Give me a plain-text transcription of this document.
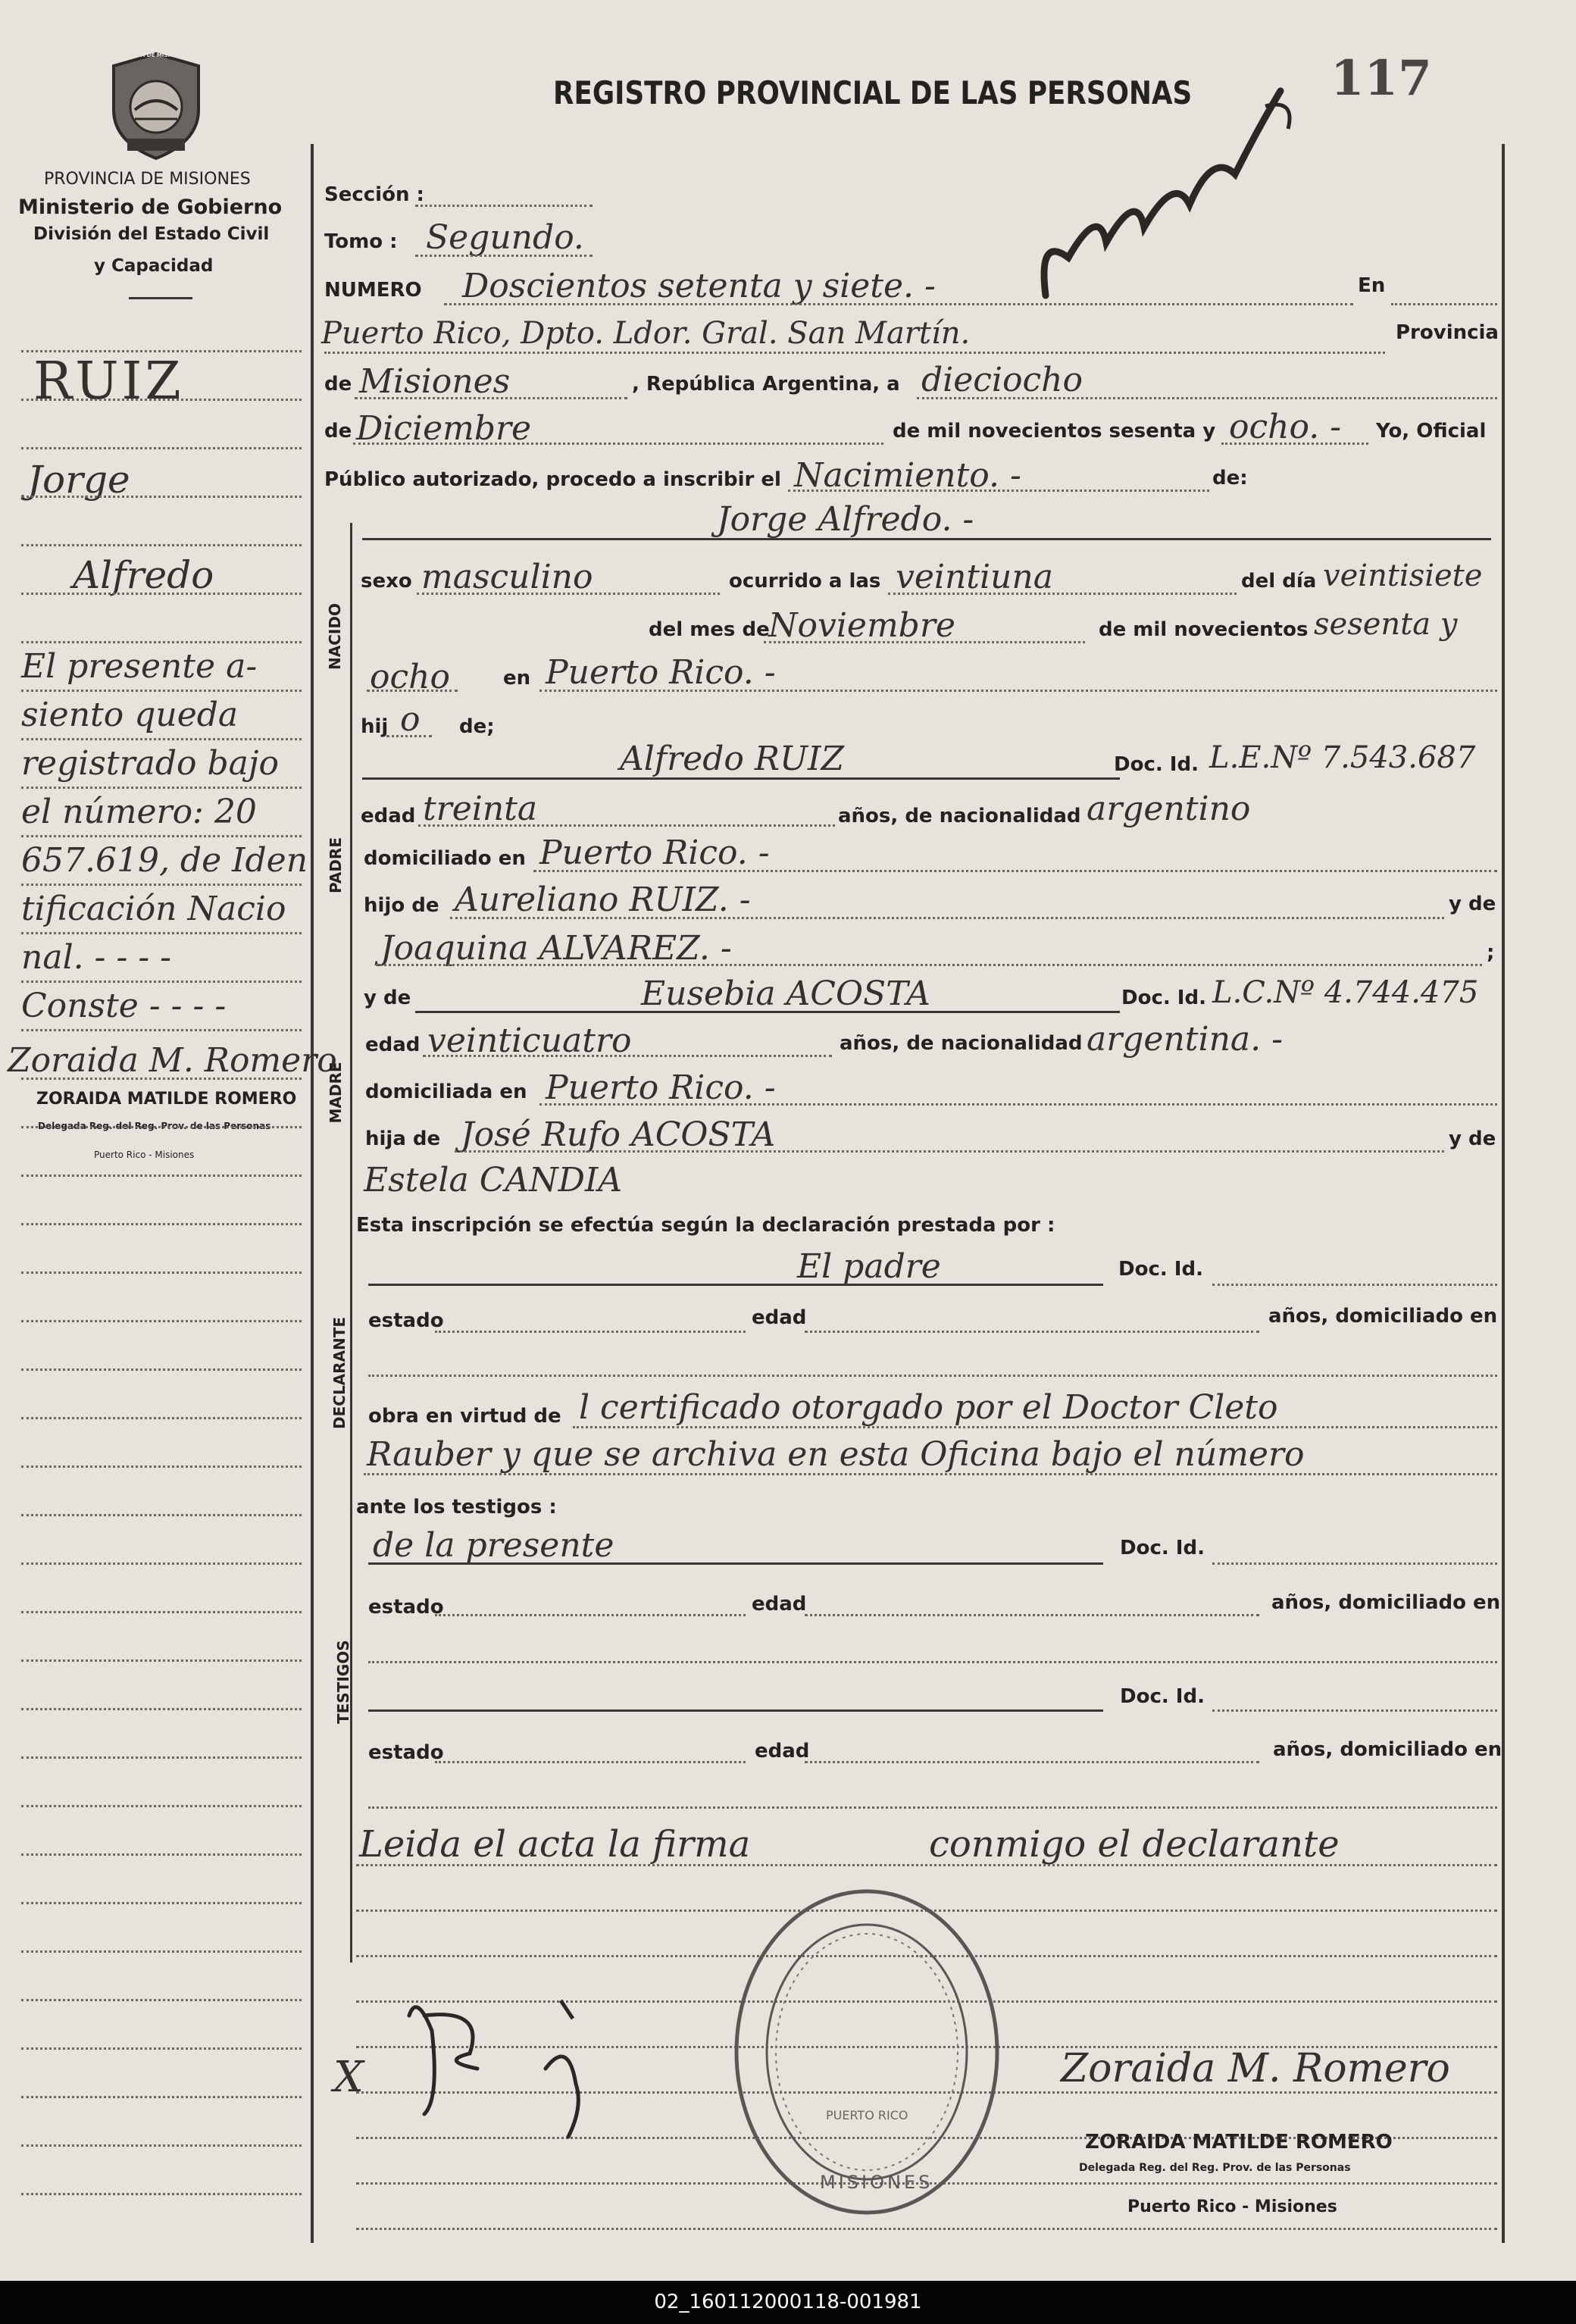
PROVINCIA DE MISIONES
PROVINCIA DE MISIONES
Ministerio de Gobierno
División del Estado Civil
y Capacidad
REGISTRO PROVINCIAL DE LAS PERSONAS	117
RUIZ
Jorge
Alfredo
El presente a-
siento queda
registrado bajo
el número: 20
657.619, de Iden
tificación Nacio
nal. - - - -
Conste - - - -
Zoraida M. Romero
ZORAIDA MATILDE ROMERO
Delegada Reg. del Reg. Prov. de las Personas
Puerto Rico - Misiones
Sección :
Tomo : Segundo.
NUMERO Doscientos setenta y siete. -	En
Puerto Rico, Dpto. Ldor. Gral. San Martín.	Provincia
de Misiones	, República Argentina, a dieciocho
de Diciembre	de mil novecientos sesenta y ocho. - Yo, Oficial
Público autorizado, procedo a inscribir el Nacimiento. -	de:
NACIDO
Jorge Alfredo. -
sexo masculino	ocurrido a las veintiuna	del día veintisiete
del mes de
Noviembre	de mil novecientos sesenta y
ocho	en Puerto Rico. -
hij o de;
PADRE
Alfredo RUIZ	Doc. Id. L.E.Nº 7.543.687
edad treinta	años, de nacionalidad argentino
domiciliado en Puerto Rico. -
hijo de Aureliano RUIZ. -	y de
Joaquina ALVAREZ. -	;
MADRE
y de	Eusebia ACOSTA	Doc. Id. L.C.Nº 4.744.475
edad veinticuatro	años, de nacionalidad argentina. -
domiciliada en Puerto Rico. -
hija de José Rufo ACOSTA	y de
Estela CANDIA
Esta inscripción se efectúa según la declaración prestada por :
DECLARANTE
El padre	Doc. Id.
estado	edad	años, domiciliado en
obra en virtud de l certificado otorgado por el Doctor Cleto
Rauber y que se archiva en esta Oficina bajo el número
ante los testigos :
TESTIGOS
de la presente	Doc. Id.
estado	edad	años, domiciliado en
Doc. Id.
estado	edad	años, domiciliado en
Leida el acta la firma	conmigo el declarante
MISIONES
PUERTO RICO
X	Zoraida M. Romero
ZORAIDA MATILDE ROMERO
Delegada Reg. del Reg. Prov. de las Personas
Puerto Rico - Misiones
02_160112000118-001981
